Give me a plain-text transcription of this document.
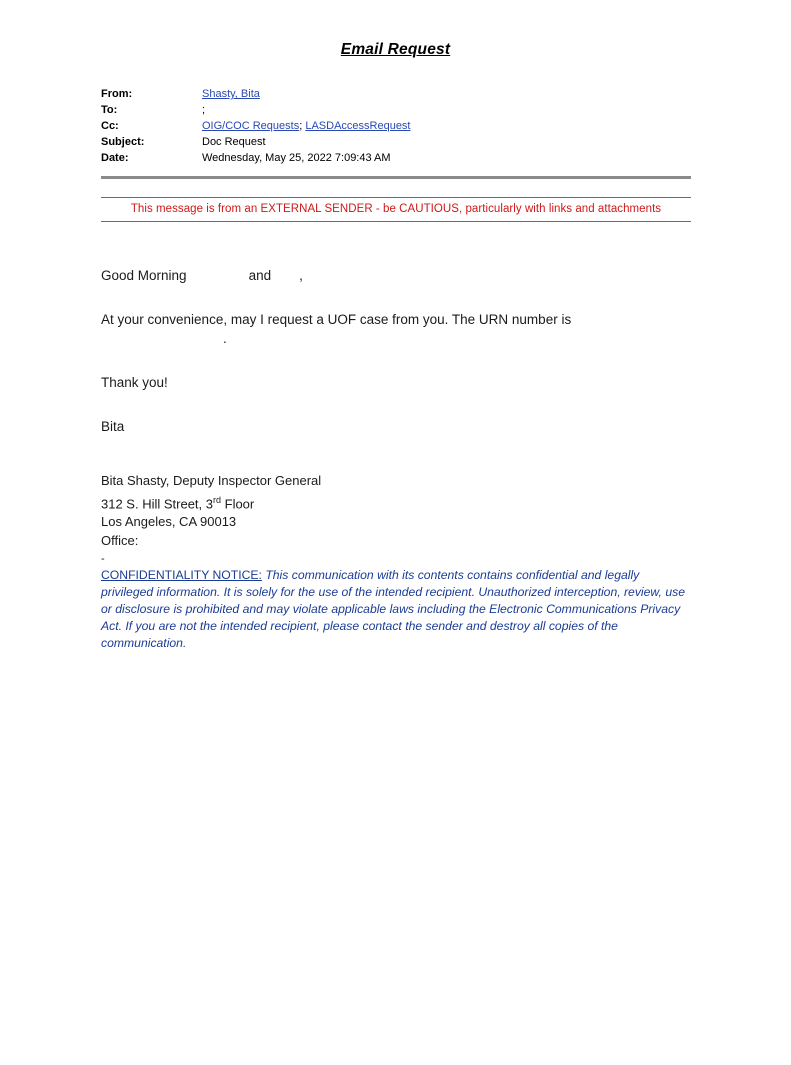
Email Request
From:	Shasty, Bita
To:	;
Cc:	OIG/COC Requests; LASDAccessRequest
Subject:	Doc Request
Date:	Wednesday, May 25, 2022 7:09:43 AM
This message is from an EXTERNAL SENDER - be CAUTIOUS, particularly with links and attachments
Good Morning	and ,
At your convenience, may I request a UOF case from you. The URN number is.
Thank you!
Bita

Bita Shasty, Deputy Inspector General

312 S. Hill Street, 3rd Floor

Los Angeles, CA 90013

Office:

-

CONFIDENTIALITY NOTICE: This communication with its contents contains confidential and legally privileged information. It is solely for the use of the intended recipient. Unauthorized interception, review, use or disclosure is prohibited and may violate applicable laws including the Electronic Communications Privacy Act. If you are not the intended recipient, please contact the sender and destroy all copies of the communication.
